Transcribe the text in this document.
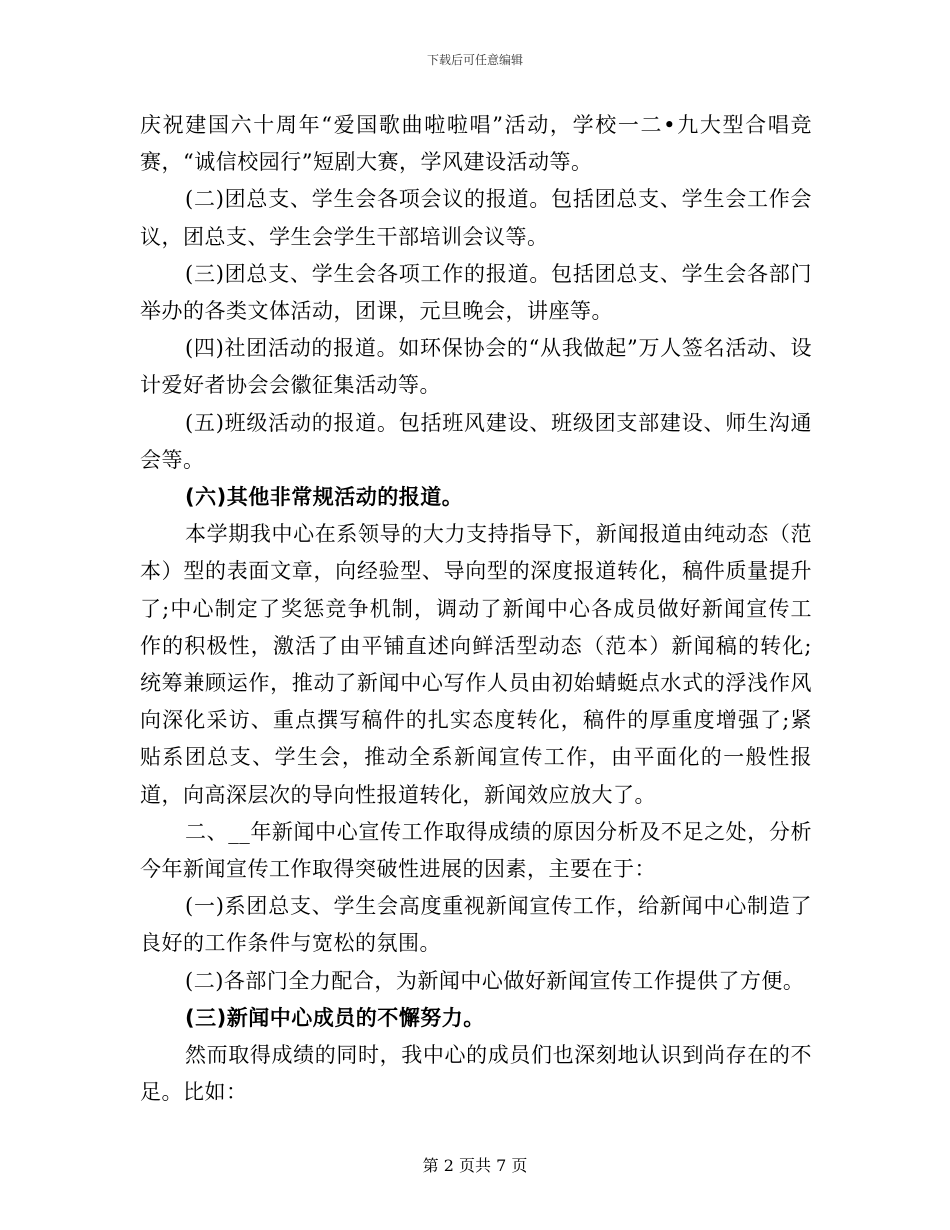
下载后可任意编辑

庆祝建国六十周年“爱国歌曲啦啦唱”活动，学校一二•九大型合唱竞赛，“诚信校园行”短剧大赛，学风建设活动等。

(二)团总支、学生会各项会议的报道。包括团总支、学生会工作会议，团总支、学生会学生干部培训会议等。

(三)团总支、学生会各项工作的报道。包括团总支、学生会各部门举办的各类文体活动，团课，元旦晚会，讲座等。

(四)社团活动的报道。如环保协会的“从我做起”万人签名活动、设计爱好者协会会徽征集活动等。

(五)班级活动的报道。包括班风建设、班级团支部建设、师生沟通会等。

(六)其他非常规活动的报道。

本学期我中心在系领导的大力支持指导下，新闻报道由纯动态（范本）型的表面文章，向经验型、导向型的深度报道转化，稿件质量提升了;中心制定了奖惩竞争机制，调动了新闻中心各成员做好新闻宣传工作的积极性，激活了由平铺直述向鲜活型动态（范本）新闻稿的转化;统筹兼顾运作，推动了新闻中心写作人员由初始蜻蜓点水式的浮浅作风向深化采访、重点撰写稿件的扎实态度转化，稿件的厚重度增强了;紧贴系团总支、学生会，推动全系新闻宣传工作，由平面化的一般性报道，向高深层次的导向性报道转化，新闻效应放大了。

二、__年新闻中心宣传工作取得成绩的原因分析及不足之处，分析今年新闻宣传工作取得突破性进展的因素，主要在于：

(一)系团总支、学生会高度重视新闻宣传工作，给新闻中心制造了良好的工作条件与宽松的氛围。

(二)各部门全力配合，为新闻中心做好新闻宣传工作提供了方便。

(三)新闻中心成员的不懈努力。

然而取得成绩的同时，我中心的成员们也深刻地认识到尚存在的不足。比如：

第 2 页共 7 页
